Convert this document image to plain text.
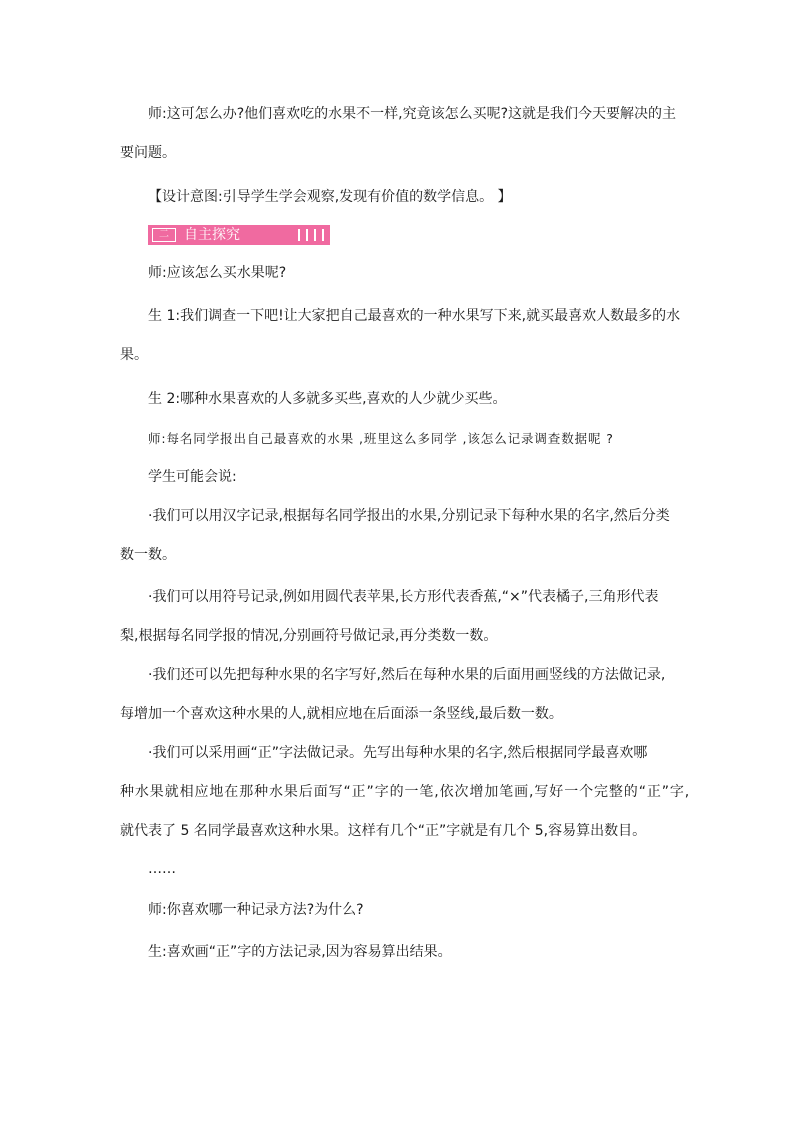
师:这可怎么办?他们喜欢吃的水果不一样,究竟该怎么买呢?这就是我们今天要解决的主

要问题。

【设计意图:引导学生学会观察,发现有价值的数学信息。 】

二 自主探究

师:应该怎么买水果呢?

生 1:我们调查一下吧!让大家把自己最喜欢的一种水果写下来,就买最喜欢人数最多的水

果。

生 2:哪种水果喜欢的人多就多买些,喜欢的人少就少买些。

师:每名同学报出自己最喜欢的水果 ,班里这么多同学 ,该怎么记录调查数据呢 ?

学生可能会说:

·我们可以用汉字记录,根据每名同学报出的水果,分别记录下每种水果的名字,然后分类

数一数。

·我们可以用符号记录,例如用圆代表苹果,长方形代表香蕉,“×”代表橘子,三角形代表

梨,根据每名同学报的情况,分别画符号做记录,再分类数一数。

·我们还可以先把每种水果的名字写好,然后在每种水果的后面用画竖线的方法做记录,

每增加一个喜欢这种水果的人,就相应地在后面添一条竖线,最后数一数。

·我们可以采用画“正”字法做记录。先写出每种水果的名字,然后根据同学最喜欢哪

种水果就相应地在那种水果后面写“正”字的一笔,依次增加笔画,写好一个完整的“正”字,

就代表了 5 名同学最喜欢这种水果。这样有几个“正”字就是有几个 5,容易算出数目。

……

师:你喜欢哪一种记录方法?为什么?

生:喜欢画“正”字的方法记录,因为容易算出结果。
